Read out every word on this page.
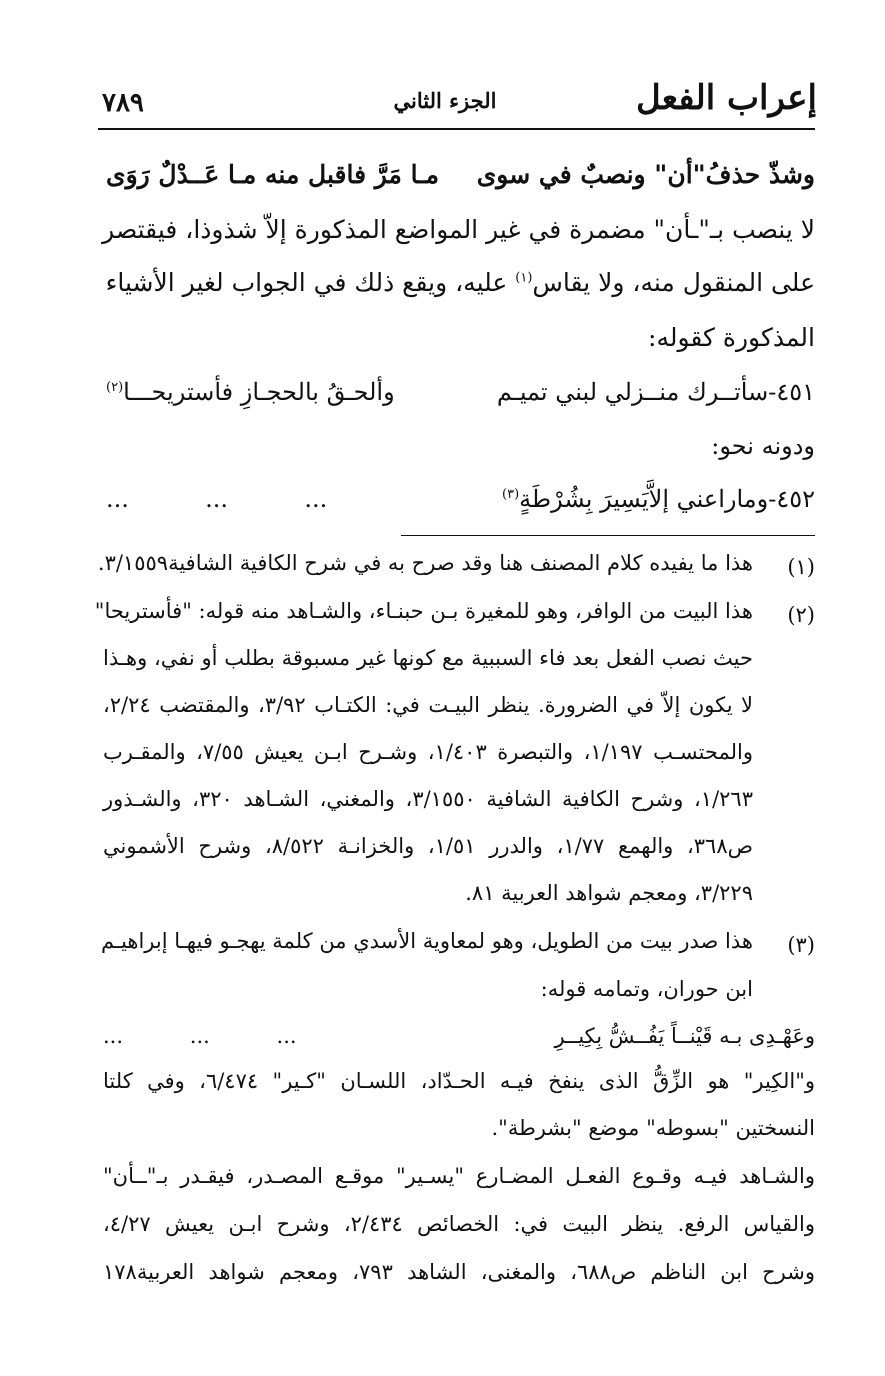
إعراب الفعل
الجزء الثاني
٧٨٩
وشذّ حذفُ"أن" ونصبٌ في سوى
مـا مَرَّ فاقبل منه مـا عَــدْلٌ رَوَى
لا ينصب بـ"ـأن" مضمرة في غير المواضع المذكورة إلاّ شذوذا، فيقتصر
على المنقول منه، ولا يقاس$^{(١)}$ عليه، ويقع ذلك في الجواب لغير الأشياء
المذكورة كقوله:
٤٥١-سأتــرك منــزلي لبني تميـم
وألحـقُ بالحجـازِ فأستريحـــا$^{(٢)}$
ودونه نحو:
٤٥٢-وماراعني إلاَّيَسِيرَ بِشُرْطَةٍ$^{(٣)}$
...          ...          ...
(١)
هذا ما يفيده كلام المصنف هنا وقد صرح به في شرح الكافية الشافية٣/١٥٥٩.
(٢)
هذا البيت من الوافر، وهو للمغيرة بـن حبنـاء، والشـاهد منه قوله: "فأستريحا"
حيث نصب الفعل بعد فاء السببية مع كونها غير مسبوقة بطلب أو نفي، وهـذا
لا يكون إلاّ في الضرورة. ينظر البيـت في: الكتـاب ٣/٩٢، والمقتضب ٢/٢٤،
والمحتسـب ١/١٩٧، والتبصرة ١/٤٠٣، وشـرح ابـن يعيش ٧/٥٥، والمقـرب
١/٢٦٣، وشرح الكافية الشافية ٣/١٥٥٠، والمغني، الشـاهد ٣٢٠، والشـذور
ص٣٦٨، والهمع ١/٧٧، والدرر ١/٥١، والخزانـة ٨/٥٢٢، وشرح الأشموني
٣/٢٢٩، ومعجم شواهد العربية ٨١.
(٣)
هذا صدر بيت من الطويل، وهو لمعاوية الأسدي من كلمة يهجـو فيهـا إبراهيـم
ابن حوران، وتمامه قوله:
وعَهْـدِى بـه قَيْنــاً يَفُــشُّ بِكِيــرِ
...          ...          ...
و"الكِير" هو الزِّقُّ الذى ينفخ فيـه الحـدّاد، اللسـان "كـير" ٦/٤٧٤، وفي كلتا
النسختين "بسوطه" موضع "بشرطة".
والشـاهد فيـه وقـوع الفعـل المضـارع "يسـير" موقـع المصـدر، فيقـدر بـ"ــأن"
والقياس الرفع. ينظر البيت في: الخصائص ٢/٤٣٤، وشرح ابـن يعيش ٤/٢٧،
وشرح ابن الناظم ص٦٨٨، والمغنى، الشاهد ٧٩٣، ومعجم شواهد العربية١٧٨
